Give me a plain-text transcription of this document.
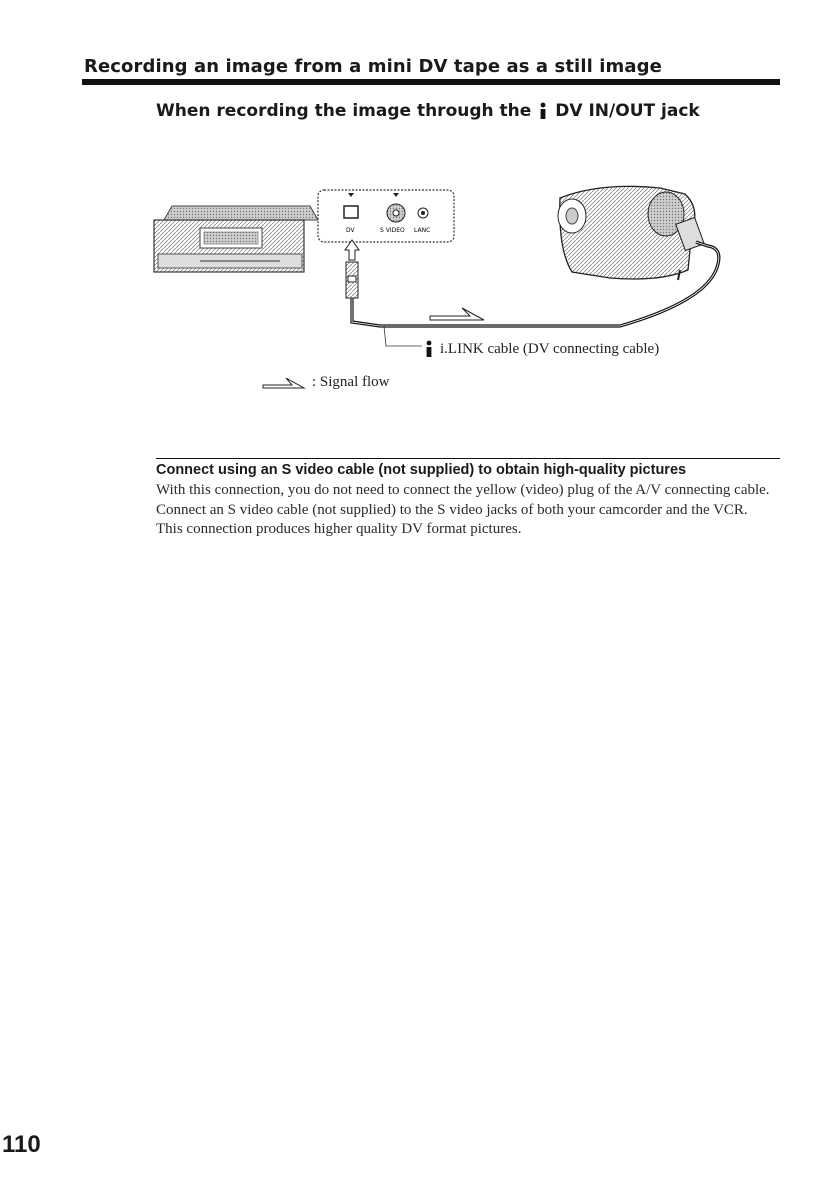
Recording an image from a mini DV tape as a still image
When recording the image through the DV IN/OUT jack
DV	S VIDEO LANC
i.LINK cable (DV connecting cable)
: Signal flow
Connect using an S video cable (not supplied) to obtain high-quality pictures

With this connection, you do not need to connect the yellow (video) plug of the A/V connecting cable.

Connect an S video cable (not supplied) to the S video jacks of both your camcorder and the VCR.

This connection produces higher quality DV format pictures.

110
